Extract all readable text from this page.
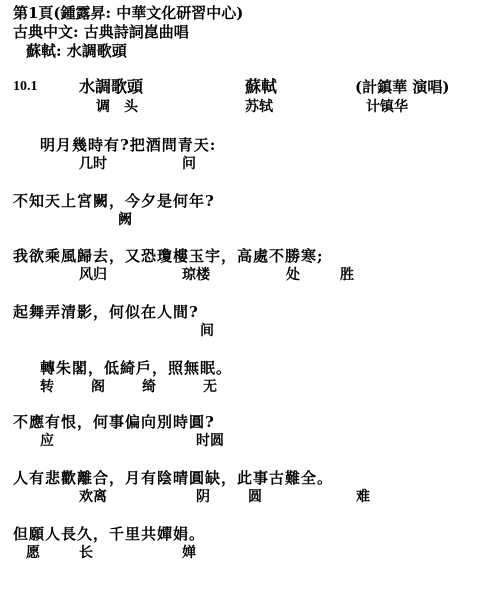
第1頁(鍾露昇: 中華文化研習中心)
古典中文: 古典詩詞崑曲唱
蘇軾: 水調歌頭
10.1	水調歌頭	蘇軾	(計鎮華 演唱)
调　头	苏轼	计镇华
明月幾時有?把酒問青天:
几时	问
不知天上宮闕，今夕是何年?
阙
我欲乘風歸去，又恐瓊樓玉宇，高處不勝寒;
风归	琼楼	处	胜
起舞弄清影，何似在人間?
间
轉朱閣，低綺戶，照無眠。
转	阁	绮	无
不應有恨，何事偏向別時圓?
应	时圆
人有悲歡離合，月有陰晴圓缺，此事古難全。
欢离	阴	圆	难
但願人長久，千里共嬋娟。
愿	长	婵
